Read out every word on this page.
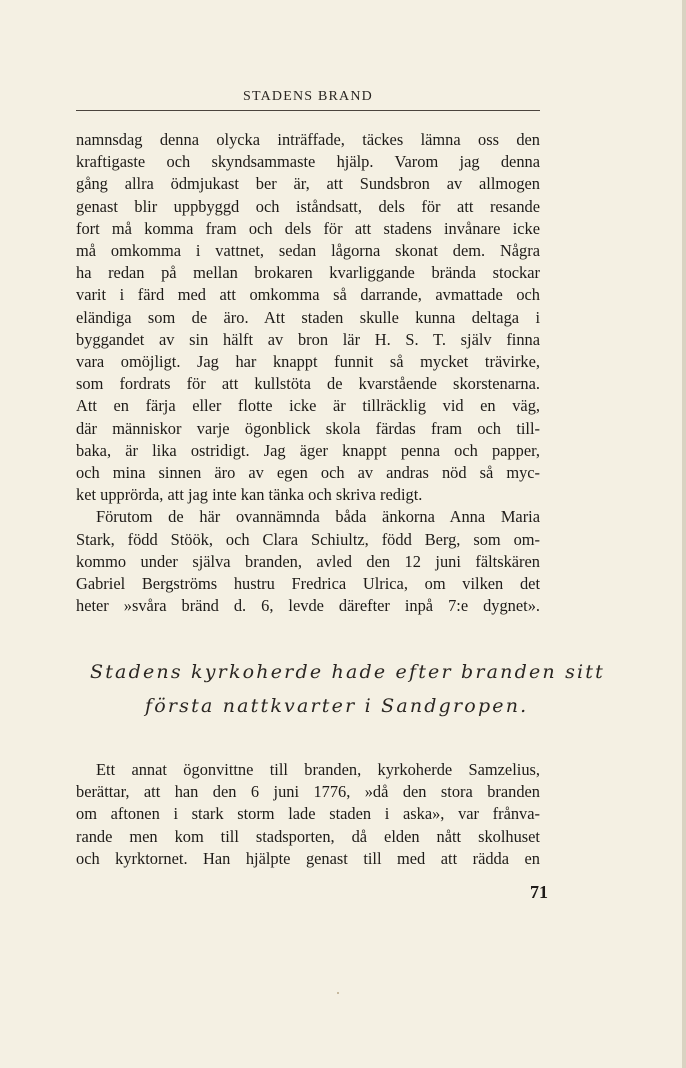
STADENS BRAND
namnsdag denna olycka inträffade, täckes lämna oss den
kraftigaste och skyndsammaste hjälp. Varom jag denna
gång allra ödmjukast ber är, att Sundsbron av allmogen
genast blir uppbyggd och iståndsatt, dels för att resande
fort må komma fram och dels för att stadens invånare icke
må omkomma i vattnet, sedan lågorna skonat dem. Några
ha redan på mellan brokaren kvarliggande brända stockar
varit i färd med att omkomma så darrande, avmattade och
eländiga som de äro. Att staden skulle kunna deltaga i
byggandet av sin hälft av bron lär H. S. T. själv finna
vara omöjligt. Jag har knappt funnit så mycket trävirke,
som fordrats för att kullstöta de kvarstående skorstenarna.
Att en färja eller flotte icke är tillräcklig vid en väg,
där människor varje ögonblick skola färdas fram och till-
baka, är lika ostridigt. Jag äger knappt penna och papper,
och mina sinnen äro av egen och av andras nöd så myc-
ket upprörda, att jag inte kan tänka och skriva redigt.
Förutom de här ovannämnda båda änkorna Anna Maria
Stark, född Stöök, och Clara Schiultz, född Berg, som om-
kommo under själva branden, avled den 12 juni fältskären
Gabriel Bergströms hustru Fredrica Ulrica, om vilken det
heter »svåra bränd d. 6, levde därefter inpå 7:e dygnet».
Stadens kyrkoherde hade efter branden sitt
första nattkvarter i Sandgropen.
Ett annat ögonvittne till branden, kyrkoherde Samzelius,
berättar, att han den 6 juni 1776, »då den stora branden
om aftonen i stark storm lade staden i aska», var frånva-
rande men kom till stadsporten, då elden nått skolhuset
och kyrktornet. Han hjälpte genast till med att rädda en
71
